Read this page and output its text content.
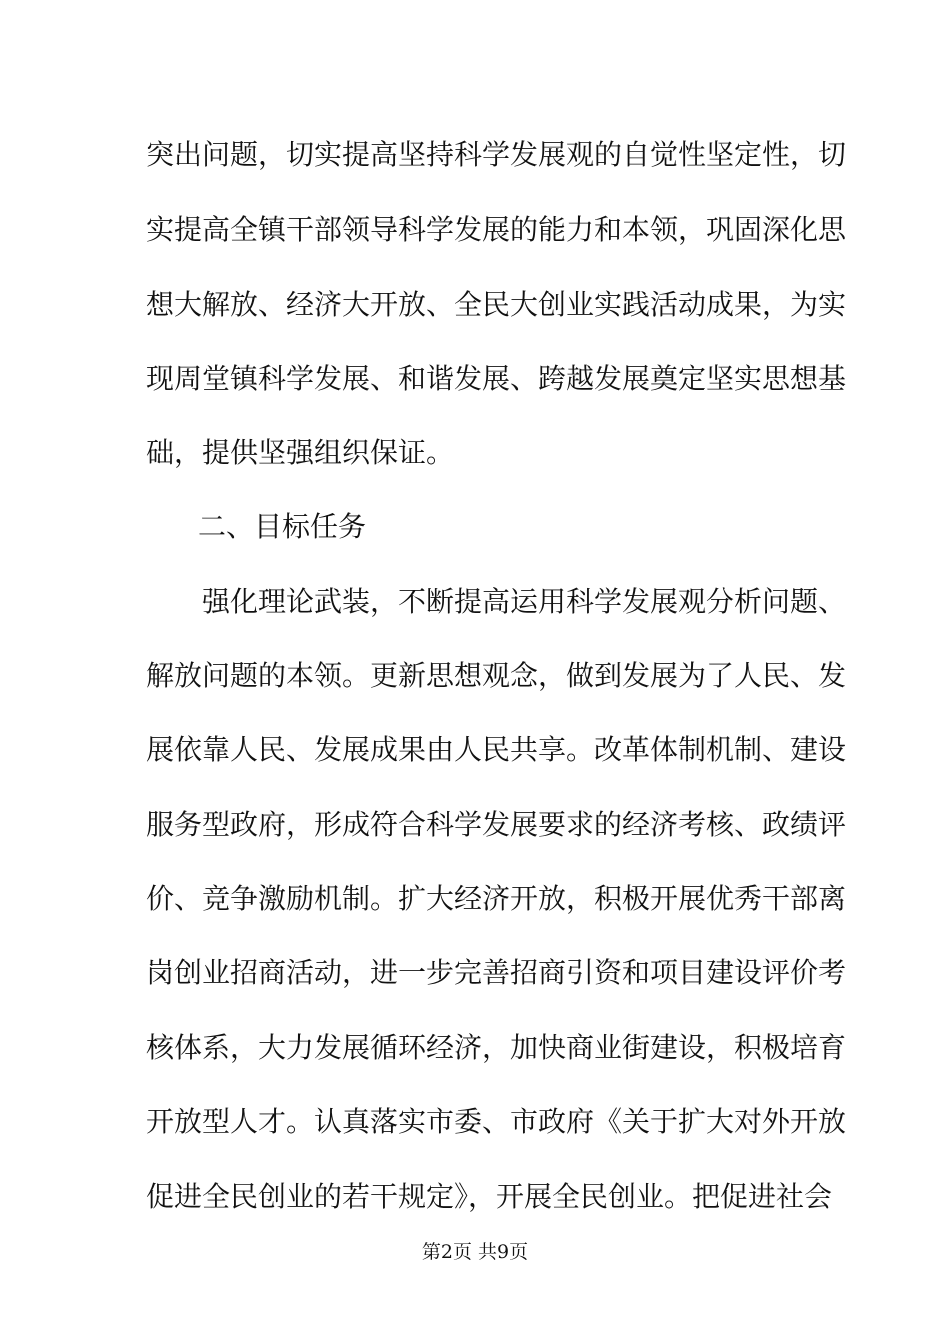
突出问题，切实提高坚持科学发展观的自觉性坚定性，切
实提高全镇干部领导科学发展的能力和本领，巩固深化思
想大解放、经济大开放、全民大创业实践活动成果，为实
现周堂镇科学发展、和谐发展、跨越发展奠定坚实思想基
础，提供坚强组织保证。
二、目标任务
强化理论武装，不断提高运用科学发展观分析问题、
解放问题的本领。更新思想观念，做到发展为了人民、发
展依靠人民、发展成果由人民共享。改革体制机制、建设
服务型政府，形成符合科学发展要求的经济考核、政绩评
价、竞争激励机制。扩大经济开放，积极开展优秀干部离
岗创业招商活动，进一步完善招商引资和项目建设评价考
核体系，大力发展循环经济，加快商业街建设，积极培育
开放型人才。认真落实市委、市政府《关于扩大对外开放
促进全民创业的若干规定》，开展全民创业。把促进社会
第2页 共9页
